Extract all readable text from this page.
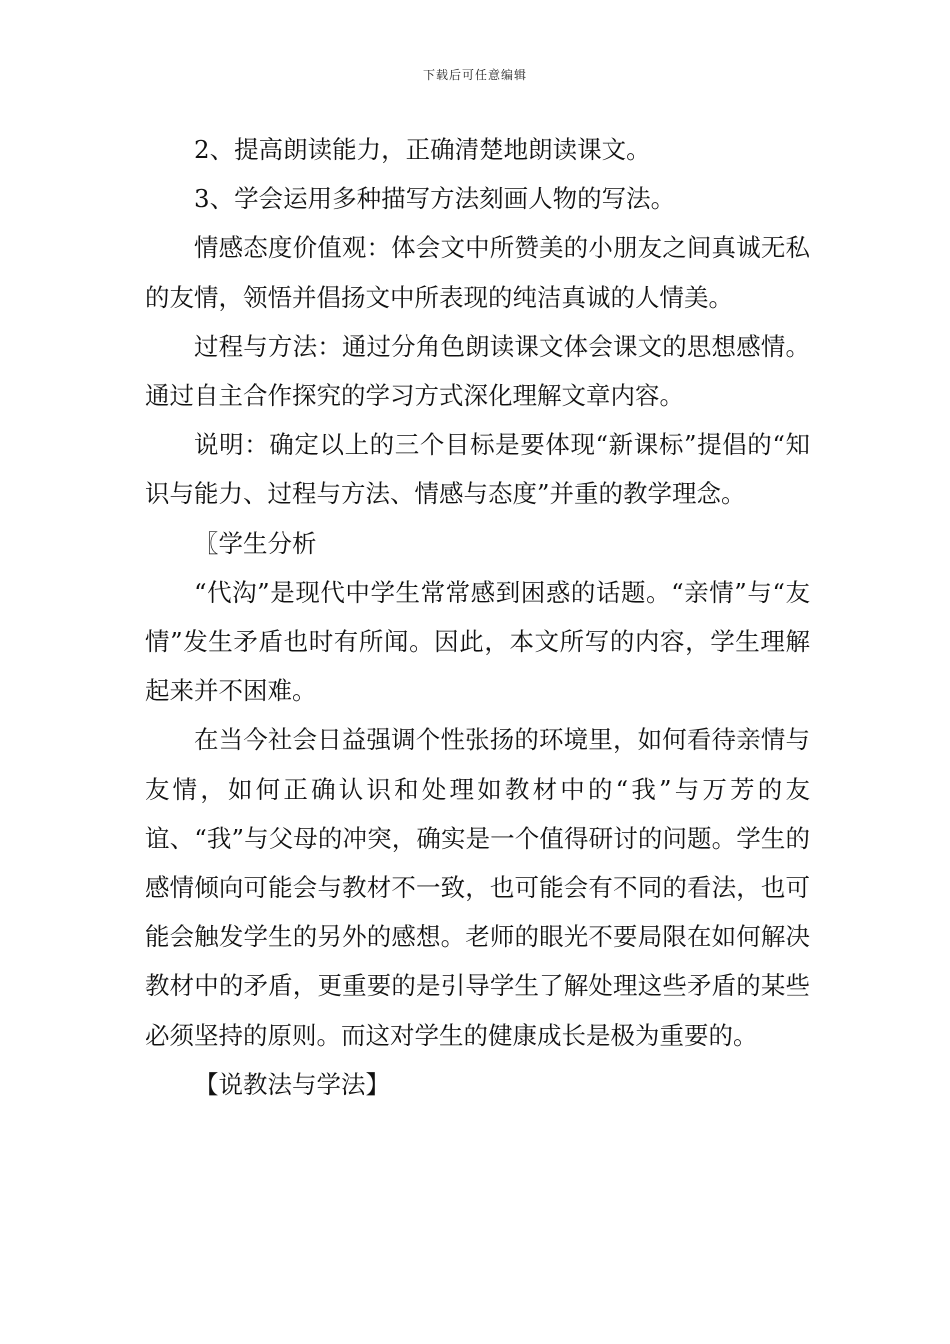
下载后可任意编辑

2、提高朗读能力，正确清楚地朗读课文。

3、学会运用多种描写方法刻画人物的写法。

情感态度价值观：体会文中所赞美的小朋友之间真诚无私的友情，领悟并倡扬文中所表现的纯洁真诚的人情美。

过程与方法：通过分角色朗读课文体会课文的思想感情。通过自主合作探究的学习方式深化理解文章内容。

说明：确定以上的三个目标是要体现“新课标”提倡的“知识与能力、过程与方法、情感与态度”并重的教学理念。

〖学生分析

“代沟”是现代中学生常常感到困惑的话题。“亲情”与“友情”发生矛盾也时有所闻。因此，本文所写的内容，学生理解起来并不困难。

在当今社会日益强调个性张扬的环境里，如何看待亲情与友情，如何正确认识和处理如教材中的“我”与万芳的友谊、“我”与父母的冲突，确实是一个值得研讨的问题。学生的感情倾向可能会与教材不一致，也可能会有不同的看法，也可能会触发学生的另外的感想。老师的眼光不要局限在如何解决教材中的矛盾，更重要的是引导学生了解处理这些矛盾的某些必须坚持的原则。而这对学生的健康成长是极为重要的。

【说教法与学法】
